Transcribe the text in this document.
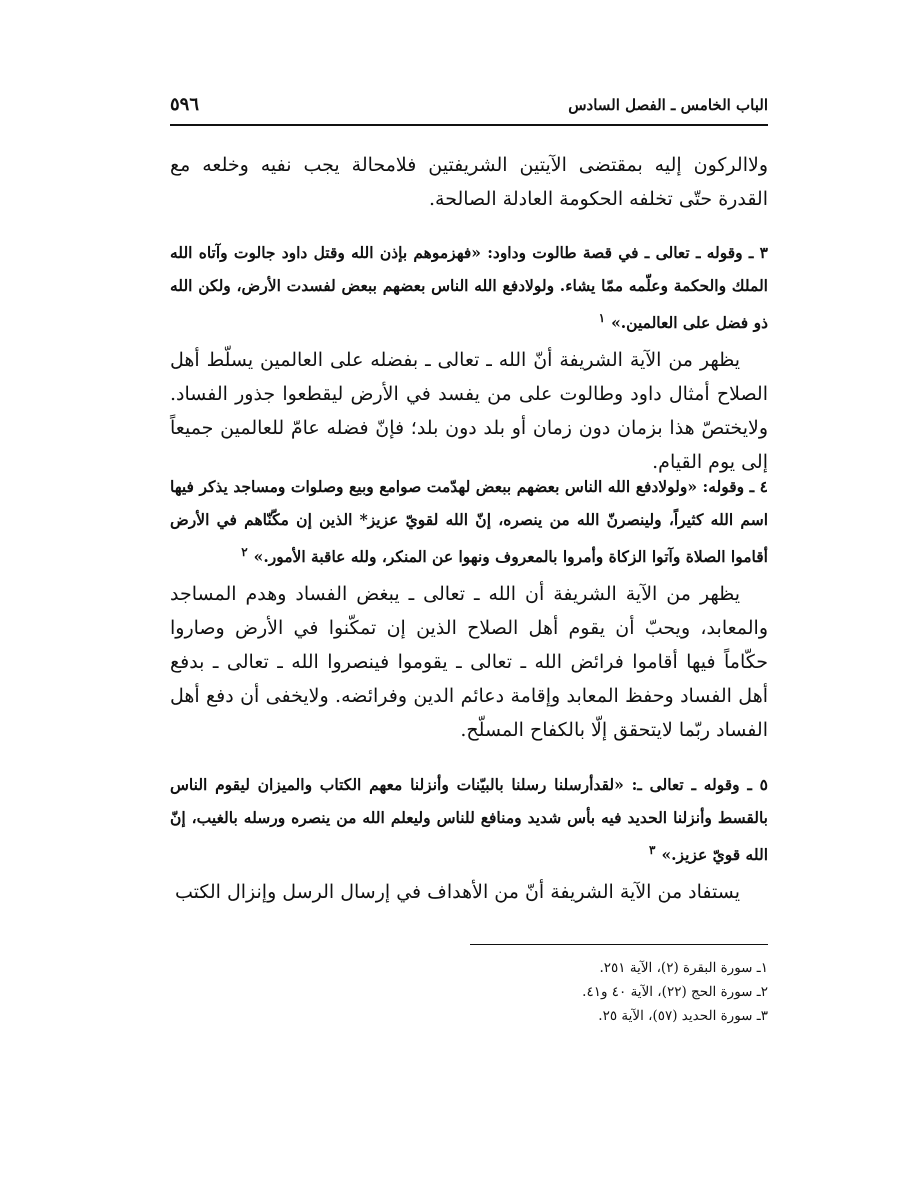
الباب الخامس ـ الفصل السادس
٥٩٦

ولاالركون إليه بمقتضى الآيتين الشريفتين فلامحالة يجب نفيه وخلعه مع القدرة حتّى تخلفه الحكومة العادلة الصالحة.

٣ ـ وقوله ـ تعالى ـ في قصة طالوت وداود: «فهزموهم بإذن الله وقتل داود جالوت وآتاه الله الملك والحكمة وعلّمه ممّا يشاء. ولولادفع الله الناس بعضهم ببعض لفسدت الأرض، ولكن الله ذو فضل على العالمين.»$^١$

يظهر من الآية الشريفة أنّ الله ـ تعالى ـ بفضله على العالمين يسلّط أهل الصلاح أمثال داود وطالوت على من يفسد في الأرض ليقطعوا جذور الفساد. ولايختصّ هذا بزمان دون زمان أو بلد دون بلد؛ فإنّ فضله عامّ للعالمين جميعاً إلى يوم القيام.

٤ ـ وقوله: «ولولادفع الله الناس بعضهم ببعض لهدّمت صوامع وبيع وصلوات ومساجد يذكر فيها اسم الله كثيراً، ولينصرنّ الله من ينصره، إنّ الله لقويّ عزيز* الذين إن مكّنّاهم في الأرض أقاموا الصلاة وآتوا الزكاة وأمروا بالمعروف ونهوا عن المنكر، ولله عاقبة الأمور.»$^٢$

يظهر من الآية الشريفة أن الله ـ تعالى ـ يبغض الفساد وهدم المساجد والمعابد، ويحبّ أن يقوم أهل الصلاح الذين إن تمكّنوا في الأرض وصاروا حكّاماً فيها أقاموا فرائض الله ـ تعالى ـ يقوموا فينصروا الله ـ تعالى ـ بدفع أهل الفساد وحفظ المعابد وإقامة دعائم الدين وفرائضه. ولايخفى أن دفع أهل الفساد ربّما لايتحقق إلّا بالكفاح المسلّح.

٥ ـ وقوله ـ تعالى ـ: «لقدأرسلنا رسلنا بالبيّنات وأنزلنا معهم الكتاب والميزان ليقوم الناس بالقسط وأنزلنا الحديد فيه بأس شديد ومنافع للناس وليعلم الله من ينصره ورسله بالغيب، إنّ الله قويّ عزيز.»$^٣$

يستفاد من الآية الشريفة أنّ من الأهداف في إرسال الرسل وإنزال الكتب

١ـ سورة البقرة (٢)، الآية ٢٥١.
٢ـ سورة الحج (٢٢)، الآية ٤٠ و٤١.
٣ـ سورة الحديد (٥٧)، الآية ٢٥.
